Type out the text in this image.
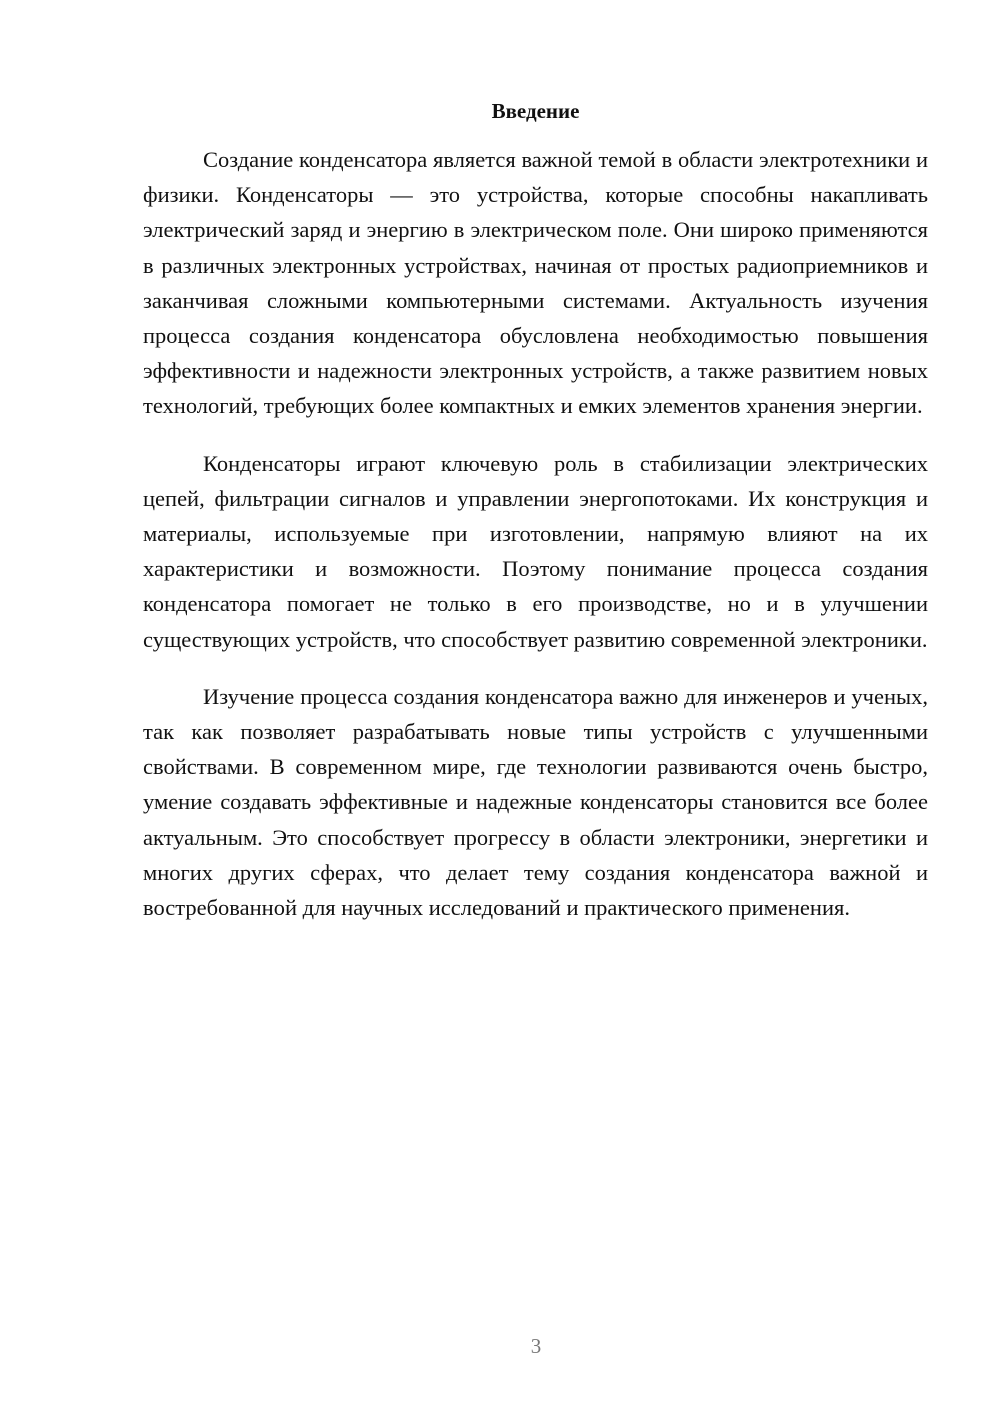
Введение

Создание конденсатора является важной темой в области электротехники и физики. Конденсаторы — это устройства, которые способны накапливать электрический заряд и энергию в электрическом поле. Они широко применяются в различных электронных устройствах, начиная от простых радиоприемников и заканчивая сложными компьютерными системами. Актуальность изучения процесса создания конденсатора обусловлена необходимостью повышения эффективности и надежности электронных устройств, а также развитием новых технологий, требующих более компактных и емких элементов хранения энергии.

Конденсаторы играют ключевую роль в стабилизации электрических цепей, фильтрации сигналов и управлении энергопотоками. Их конструкция и материалы, используемые при изготовлении, напрямую влияют на их характеристики и возможности. Поэтому понимание процесса создания конденсатора помогает не только в его производстве, но и в улучшении существующих устройств, что способствует развитию современной электроники.

Изучение процесса создания конденсатора важно для инженеров и ученых, так как позволяет разрабатывать новые типы устройств с улучшенными свойствами. В современном мире, где технологии развиваются очень быстро, умение создавать эффективные и надежные конденсаторы становится все более актуальным. Это способствует прогрессу в области электроники, энергетики и многих других сферах, что делает тему создания конденсатора важной и востребованной для научных исследований и практического применения.

3
